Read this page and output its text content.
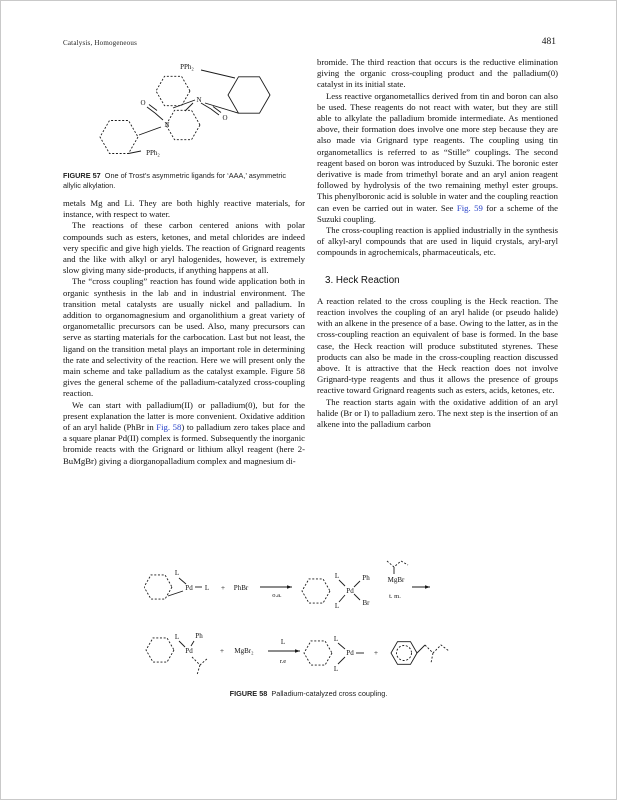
Catalysis, Homogeneous	481
PPh₂
N
O
O
N
PPh₂
FIGURE 57 One of Trost’s asymmetric ligands for ‘AAA,’ asymmetric allylic alkylation.

metals Mg and Li. They are both highly reactive materials, for instance, with respect to water.

The reactions of these carbon centered anions with polar compounds such as esters, ketones, and metal chlorides are indeed very specific and give high yields. The reaction of Grignard reagents and the like with alkyl or aryl halogenides, however, is extremely slow giving many side-products, if anything happens at all.

The “cross coupling” reaction has found wide application both in organic synthesis in the lab and in industrial environment. The transition metal catalysts are usually nickel and palladium. In addition to organomagnesium and organolithium a great variety of organometallic precursors can be used. Also, many precursors can serve as starting materials for the carbocation. Last but not least, the ligand on the transition metal plays an important role in determining the rate and selectivity of the reaction. Here we will present only the main scheme and take palladium as the catalyst example. Figure 58 gives the general scheme of the palladium-catalyzed cross-coupling reaction.

We can start with palladium(II) or palladium(0), but for the present explanation the latter is more convenient. Oxidative addition of an aryl halide (PhBr in Fig. 58) to palladium zero takes place and a square planar Pd(II) complex is formed. Subsequently the inorganic bromide reacts with the Grignard or lithium alkyl reagent (here 2-BuMgBr) giving a diorganopalladium complex and magnesium di-

bromide. The third reaction that occurs is the reductive elimination giving the organic cross-coupling product and the palladium(0) catalyst in its initial state.

Less reactive organometallics derived from tin and boron can also be used. These reagents do not react with water, but they are still able to alkylate the palladium bromide intermediate. As mentioned above, their formation does involve one more step because they are also made via Grignard type reagents. The coupling using tin organometallics is referred to as “Stille” couplings. The second reagent based on boron was introduced by Suzuki. The boronic ester derivative is made from trimethyl borate and an aryl anion reagent followed by hydrolysis of the two remaining methyl ester groups. This phenylboronic acid is soluble in water and the coupling reaction can even be carried out in water. See Fig. 59 for a scheme of the Suzuki coupling.

The cross-coupling reaction is applied industrially in the synthesis of alkyl-aryl compounds that are used in liquid crystals, aryl-aryl compounds in agrochemicals, pharmaceuticals, etc.

3. Heck Reaction

A reaction related to the cross coupling is the Heck reaction. The reaction involves the coupling of an aryl halide (or pseudo halide) with an alkene in the presence of a base. Owing to the latter, as in the cross-coupling reaction an equivalent of base is formed. In the base case, the Heck reaction will produce substituted styrenes. These products can also be made in the cross-coupling reaction discussed above. It is attractive that the Heck reaction does not involve Grignard-type reagents and thus it allows the presence of groups reactive toward Grignard reagents such as esters, acids, ketones, etc.

The reaction starts again with the oxidative addition of an aryl halide (Br or I) to palladium zero. The next step is the insertion of an alkene into the palladium carbon

L
Pd L + PhBr
o.a.
L
L
Pd
Ph
Br
MgBr
t. m.
L Ph
Pd	+ MgBr₂
L
r.e
L
L
Pd	+
FIGURE 58 Palladium-catalyzed cross coupling.
